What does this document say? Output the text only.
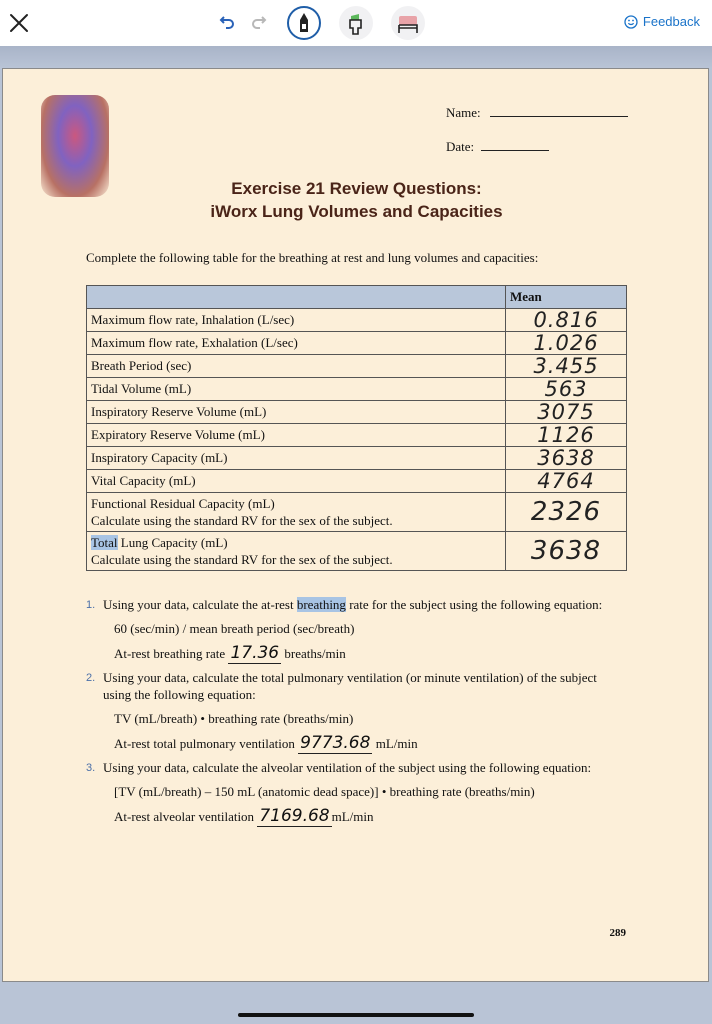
Feedback
Name:
Date:
Exercise 21 Review Questions:
iWorx Lung Volumes and Capacities
Complete the following table for the breathing at rest and lung volumes and capacities:
	Mean
Maximum flow rate, Inhalation (L/sec)	0.816
Maximum flow rate, Exhalation (L/sec)	1.026
Breath Period (sec)	3.455
Tidal Volume (mL)	563
Inspiratory Reserve Volume (mL)	3075
Expiratory Reserve Volume (mL)	1126
Inspiratory Capacity (mL)	3638
Vital Capacity (mL)	4764
Functional Residual Capacity (mL)
Calculate using the standard RV for the sex of the subject.	2326
Total Lung Capacity (mL)
Calculate using the standard RV for the sex of the subject.	3638
1. Using your data, calculate the at-rest breathing rate for the subject using the following equation:
60 (sec/min) / mean breath period (sec/breath)
At-rest breathing rate 17.36 breaths/min
2. Using your data, calculate the total pulmonary ventilation (or minute ventilation) of the subject
using the following equation:
TV (mL/breath) • breathing rate (breaths/min)
At-rest total pulmonary ventilation 9773.68 mL/min
3. Using your data, calculate the alveolar ventilation of the subject using the following equation:
[TV (mL/breath) – 150 mL (anatomic dead space)] • breathing rate (breaths/min)
At-rest alveolar ventilation 7169.68 mL/min
289
